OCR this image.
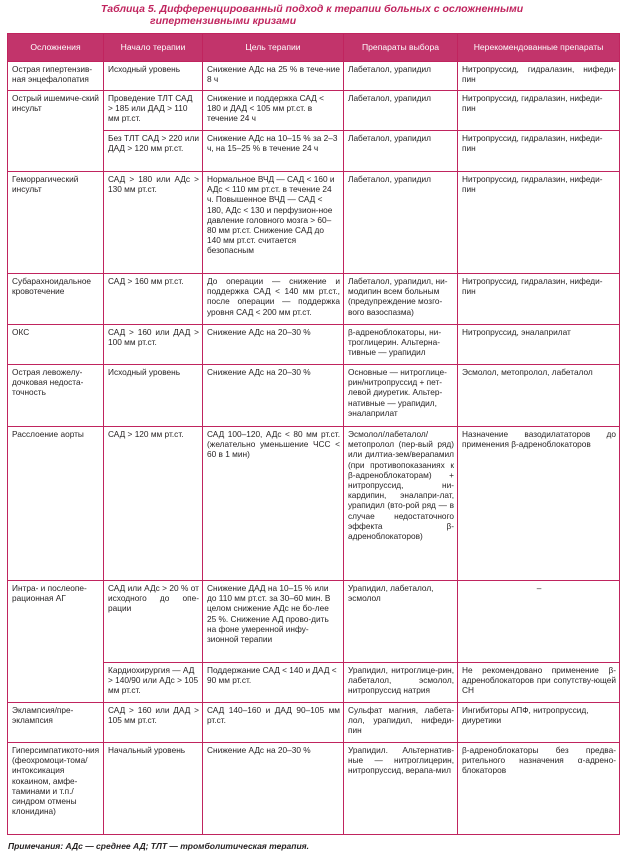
Таблица 5. Дифференцированный подход к терапии больных с осложненными
гипертензивными кризами
Осложнения	Начало терапии	Цель терапии	Препараты выбора	Нерекомендованные препараты
Острая гипертензив-ная энцефалопатия	Исходный уровень	Снижение АДс на 25 % в тече-ние 8 ч	Лабеталол, урапидил	Нитропруссид, гидралазин, нифеди-пин
Острый ишемиче-ский инсульт	Проведение ТЛТ САД > 185 или ДАД > 110 мм рт.ст.	Снижение и поддержка САД < 180 и ДАД < 105 мм рт.ст. в течение 24 ч	Лабеталол, урапидил	Нитропруссид, гидралазин, нифеди-пин
	Без ТЛТ САД > 220 или ДАД > 120 мм рт.ст.	Снижение АДс на 10–15 % за 2–3 ч, на 15–25 % в течение 24 ч	Лабеталол, урапидил	Нитропруссид, гидралазин, нифеди-пин
Геморрагический инсульт	САД > 180 или АДс > 130 мм рт.ст.	Нормальное ВЧД — САД < 160 и АДс < 110 мм рт.ст. в течение 24 ч. Повышенное ВЧД — САД < 180, АДс < 130 и перфузион-ное давление головного мозга > 60–80 мм рт.ст. Снижение САД до 140 мм рт.ст. считается безопасным	Лабеталол, урапидил	Нитропруссид, гидралазин, нифеди-пин
Субарахноидальное кровотечение	САД > 160 мм рт.ст.	До операции — снижение и поддержка САД < 140 мм рт.ст., после операции — поддержка уровня САД < 200 мм рт.ст.	Лабеталол, урапидил, ни-модипин всем больным (предупреждение мозго-вого вазоспазма)	Нитропруссид, гидралазин, нифеди-пин
ОКС	САД > 160 или ДАД > 100 мм рт.ст.	Снижение АДс на 20–30 %	β-адреноблокаторы, ни-троглицерин. Альтерна-тивные — урапидил	Нитропруссид, эналаприлат
Острая левожелу-дочковая недоста-точность	Исходный уровень	Снижение АДс на 20–30 %	Основные — нитроглице-рин/нитропруссид + пет-левой диуретик. Альтер-нативные — урапидил, эналаприлат	Эсмолол, метопролол, лабеталол
Расслоение аорты	САД > 120 мм рт.ст.	САД 100–120, АДс < 80 мм рт.ст. (желательно уменьшение ЧСС < 60 в 1 мин)	Эсмолол/лабеталол/ метопролол (пер-вый ряд) или дилтиа-зем/верапамил (при противопоказаниях к β-адреноблокаторам) + нитропруссид, ни-кардипин, эналапри-лат, урапидил (вто-рой ряд — в случае недостаточного эффекта β-адреноблокаторов)	Назначение вазодилататоров до применения β-адреноблокаторов
Интра- и послеопе-рационная АГ	САД или АДс > 20 % от исходного до опе-рации	Снижение ДАД на 10–15 % или до 110 мм рт.ст. за 30–60 мин. В целом снижение АДс не бо-лее 25 %. Снижение АД прово-дить на фоне умеренной инфу-зионной терапии	Урапидил, лабеталол, эсмолол	–
	Кардиохирургия — АД > 140/90 или АДс > 105 мм рт.ст.	Поддержание САД < 140 и ДАД < 90 мм рт.ст.	Урапидил, нитроглице-рин, лабеталол, эсмолол, нитропруссид натрия	Не рекомендовано применение β-адреноблокаторов при сопутству-ющей СН
Эклампсия/пре-эклампсия	САД > 160 или ДАД > 105 мм рт.ст.	САД 140–160 и ДАД 90–105 мм рт.ст.	Сульфат магния, лабета-лол, урапидил, нифеди-пин	Ингибиторы АПФ, нитропруссид, диуретики
Гиперсимпатикото-ния (феохромоци-тома/интоксикация кокаином, амфе-таминами и т.п./ синдром отмены клонидина)	Начальный уровень	Снижение АДс на 20–30 %	Урапидил. Альтернатив-ные — нитроглицерин, нитропруссид, верапа-мил	β-адреноблокаторы без предва-рительного назначения α-адрено-блокаторов
Примечания: АДс — среднее АД; ТЛТ — тромболитическая терапия.
